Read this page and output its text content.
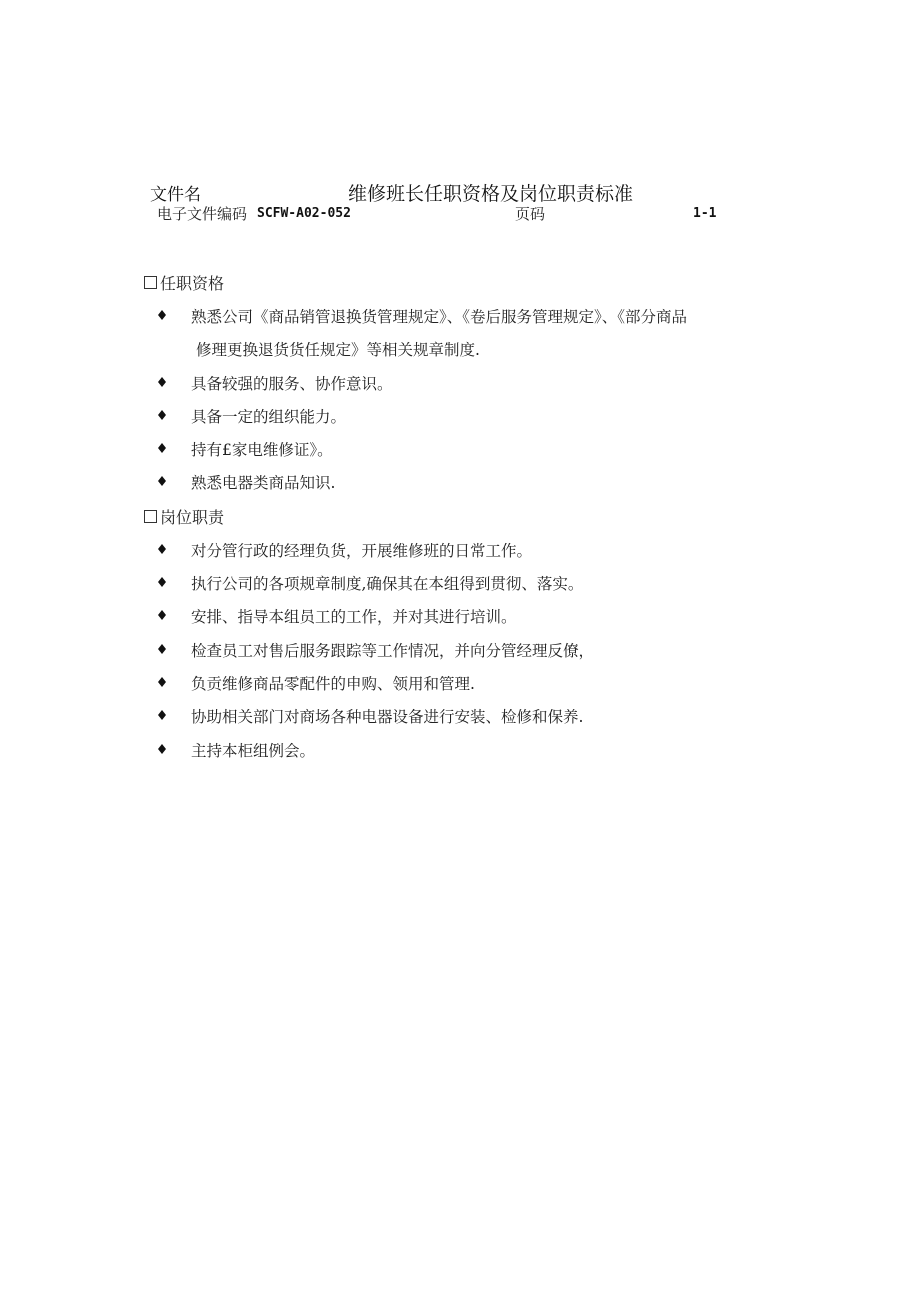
文件名	维修班长任职资格及岗位职责标准
电子文件编码 SCFW-A02-052	页码	1-1
任职资格
熟悉公司《商品销管退换货管理规定》、《卷后服务管理规定》、《部分商品
修理更换退货货任规定》等相关规章制度.
具备较强的服务、协作意识。
具备一定的组织能力。
持有£家电维修证》。
熟悉电器类商品知识.
岗位职责
对分管行政的经理负货，开展维修班的日常工作。
执行公司的各项规章制度,确保其在本组得到贯彻、落实。
安排、指导本组员工的工作，并对其进行培训。
检查员工对售后服务跟踪等工作情况，并向分管经理反僚，
负贡维修商品零配件的申购、领用和管理.
协助相关部门对商场各种电器设备进行安装、检修和保养.
主持本柜组例会。
